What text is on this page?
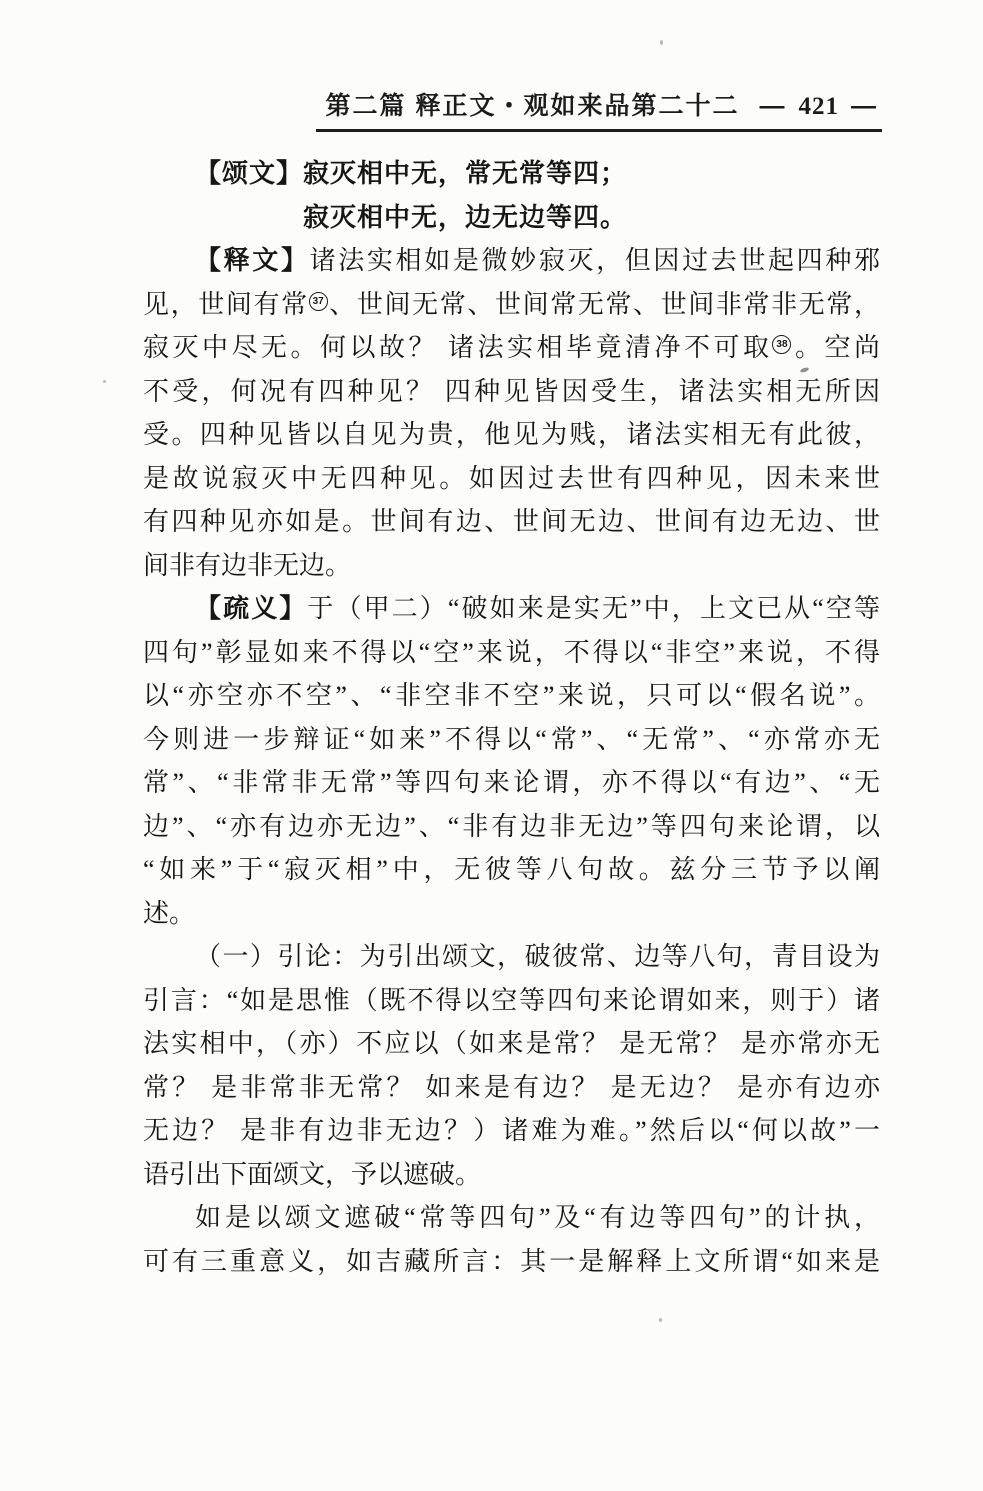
第二篇 释正文・观如来品第二十二 — 421 —
【颂文】寂灭相中无，常无常等四；
寂灭相中无，边无边等四。
【释文】诸法实相如是微妙寂灭，但因过去世起四种邪
见，世间有常 37 、世间无常、世间常无常、世间非常非无常，
寂灭中尽无。何以故？ 诸法实相毕竟清净不可取 38 。空尚
不受，何况有四种见？ 四种见皆因受生，诸法实相无所因
受。四种见皆以自见为贵，他见为贱，诸法实相无有此彼，
是故说寂灭中无四种见。如因过去世有四种见，因未来世
有四种见亦如是。世间有边、世间无边、世间有边无边、世
间非有边非无边。
【疏义】于（甲二）“破如来是实无”中，上文已从“空等
四句”彰显如来不得以“空”来说，不得以“非空”来说，不得
以“亦空亦不空”、“非空非不空”来说，只可以“假名说”。
今则进一步辩证“如来”不得以“常”、“无常”、“亦常亦无
常”、“非常非无常”等四句来论谓，亦不得以“有边”、“无
边”、“亦有边亦无边”、“非有边非无边”等四句来论谓，以
“如来”于“寂灭相”中，无彼等八句故。兹分三节予以阐
述。
（一）引论：为引出颂文，破彼常、边等八句，青目设为
引言：“如是思惟（既不得以空等四句来论谓如来，则于）诸
法实相中，（亦）不应以（如来是常？ 是无常？ 是亦常亦无
常？ 是非常非无常？ 如来是有边？ 是无边？ 是亦有边亦
无边？ 是非有边非无边？）诸难为难。”然后以“何以故”一
语引出下面颂文，予以遮破。
如是以颂文遮破“常等四句”及“有边等四句”的计执，
可有三重意义，如吉藏所言：其一是解释上文所谓“如来是
